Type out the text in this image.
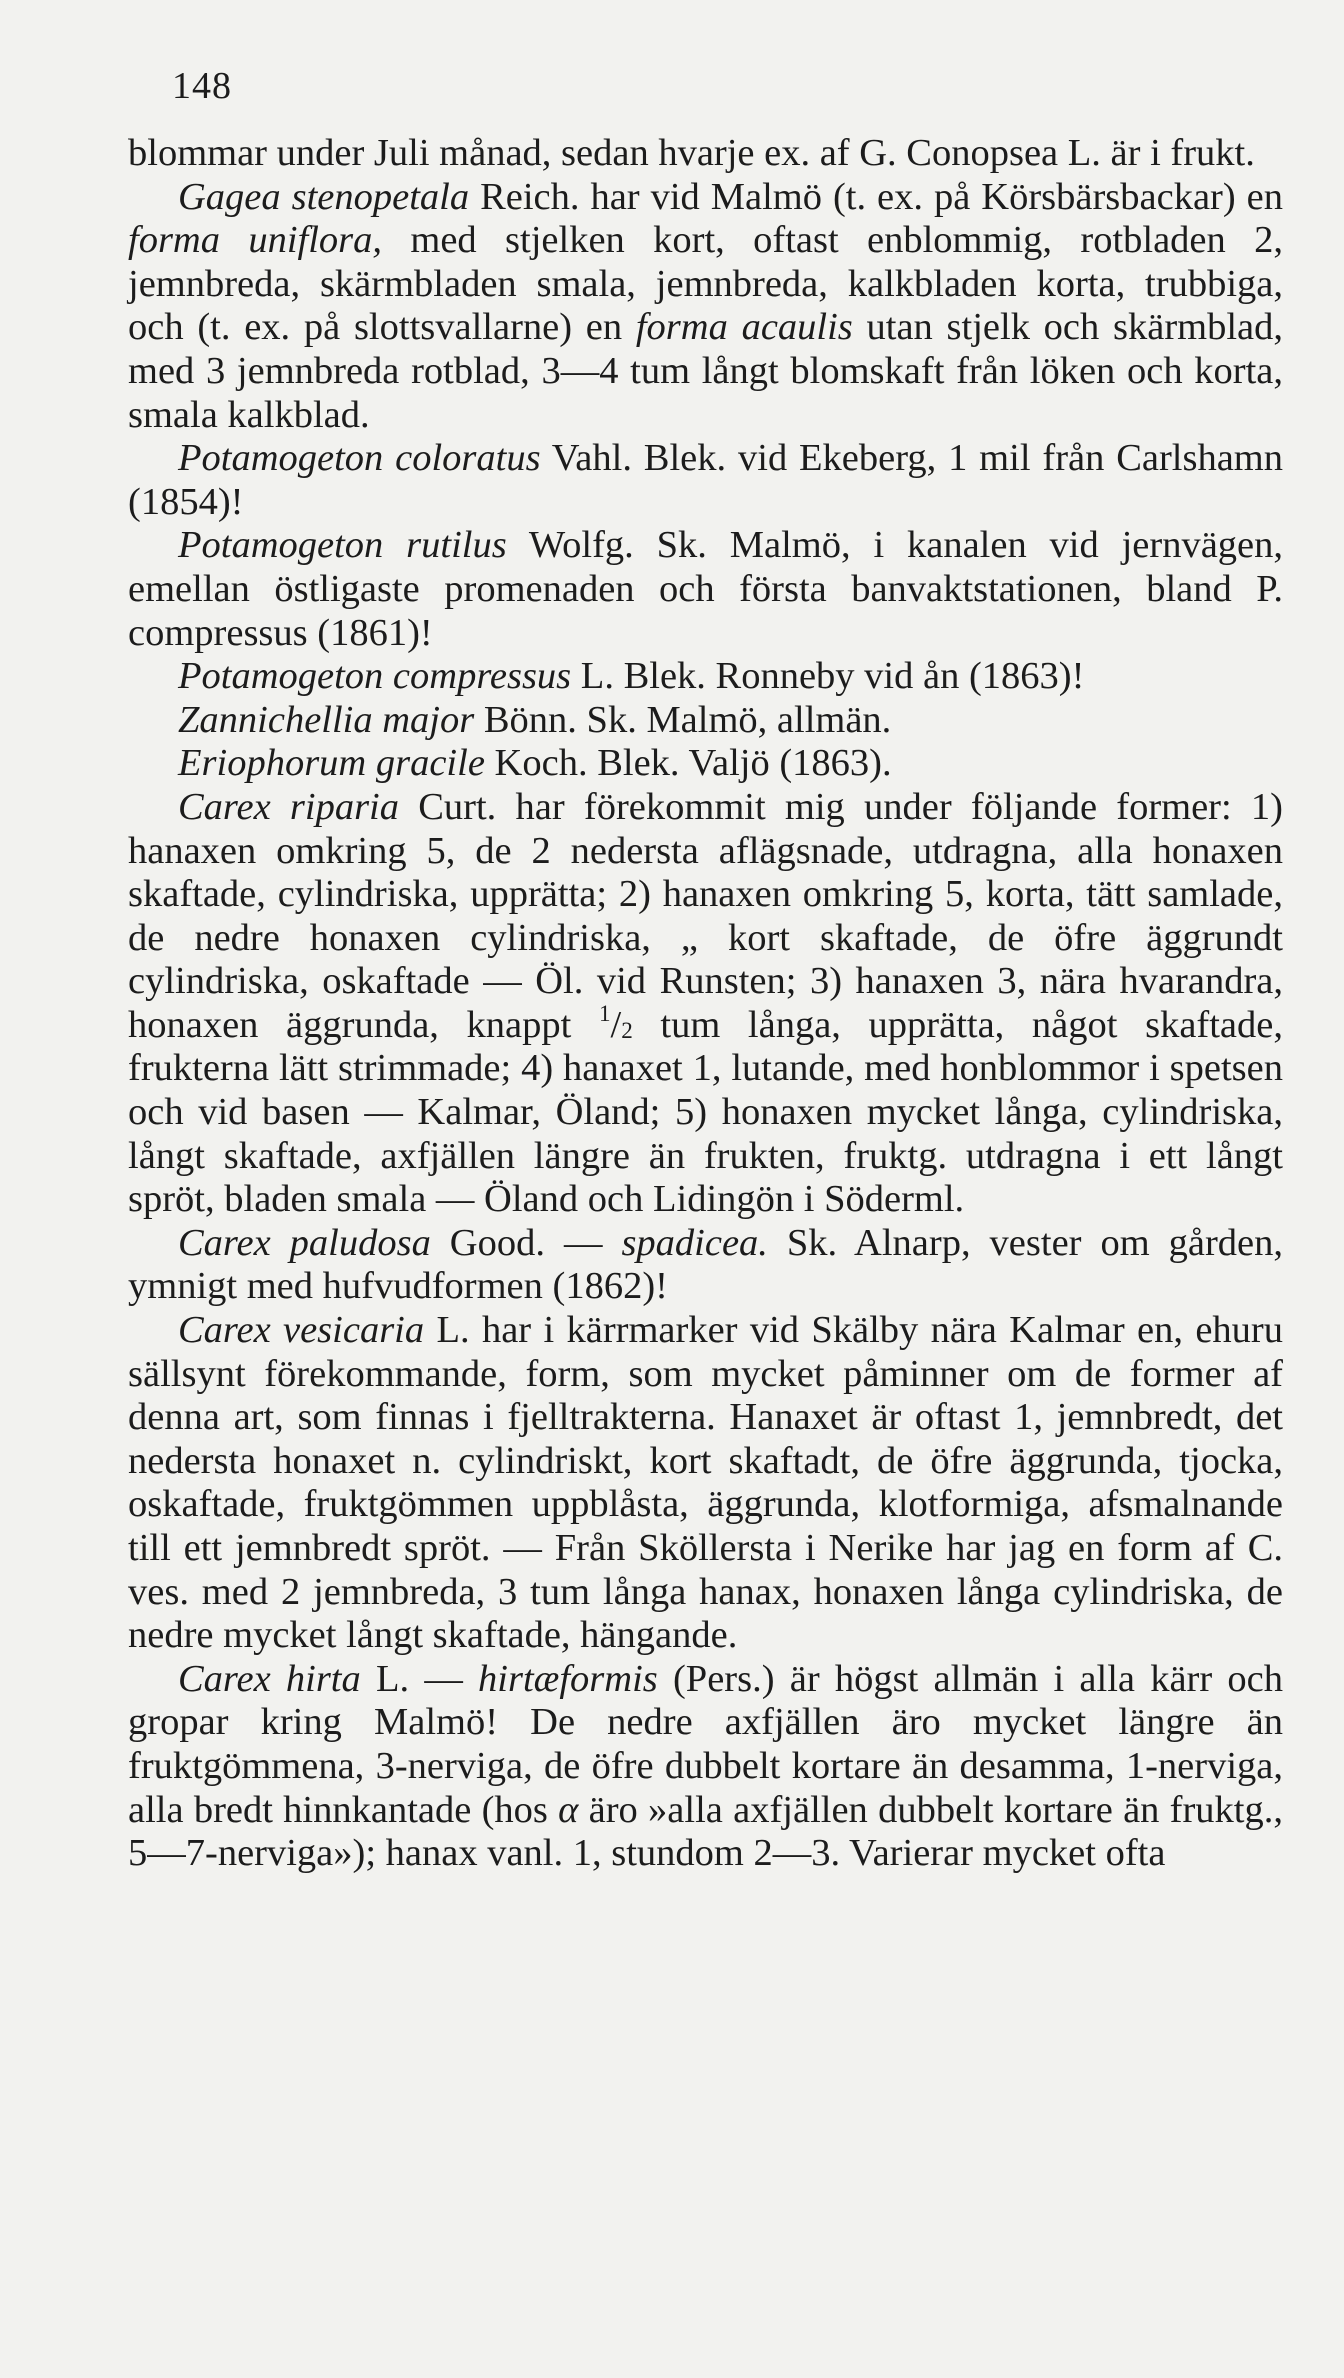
148

blommar under Juli månad, sedan hvarje ex. af G. Conopsea L. är i frukt.

Gagea stenopetala Reich. har vid Malmö (t. ex. på Körsbärsbackar) en forma uniflora, med stjelken kort, oftast enblommig, rotbladen 2, jemnbreda, skärmbladen smala, jemnbreda, kalkbladen korta, trubbiga, och (t. ex. på slottsvallarne) en forma acaulis utan stjelk och skärmblad, med 3 jemnbreda rotblad, 3—4 tum långt blomskaft från löken och korta, smala kalkblad.

Potamogeton coloratus Vahl. Blek. vid Ekeberg, 1 mil från Carlshamn (1854)!

Potamogeton rutilus Wolfg. Sk. Malmö, i kanalen vid jernvägen, emellan östligaste promenaden och första banvaktstationen, bland P. compressus (1861)!

Potamogeton compressus L. Blek. Ronneby vid ån (1863)!

Zannichellia major Bönn. Sk. Malmö, allmän.

Eriophorum gracile Koch. Blek. Valjö (1863).

Carex riparia Curt. har förekommit mig under följande former: 1) hanaxen omkring 5, de 2 nedersta aflägsnade, utdragna, alla honaxen skaftade, cylindriska, upprätta; 2) hanaxen omkring 5, korta, tätt samlade, de nedre honaxen cylindriska, „ kort skaftade, de öfre äggrundt cylindriska, oskaftade — Öl. vid Runsten; 3) hanaxen 3, nära hvarandra, honaxen äggrunda, knappt $^1/_2$ tum långa, upprätta, något skaftade, frukterna lätt strimmade; 4) hanaxet 1, lutande, med honblommor i spetsen och vid basen — Kalmar, Öland; 5) honaxen mycket långa, cylindriska, långt skaftade, axfjällen längre än frukten, fruktg. utdragna i ett långt spröt, bladen smala — Öland och Lidingön i Söderml.

Carex paludosa Good. — spadicea. Sk. Alnarp, vester om gården, ymnigt med hufvudformen (1862)!

Carex vesicaria L. har i kärrmarker vid Skälby nära Kalmar en, ehuru sällsynt förekommande, form, som mycket påminner om de former af denna art, som finnas i fjelltrakterna. Hanaxet är oftast 1, jemnbredt, det nedersta honaxet n. cylindriskt, kort skaftadt, de öfre äggrunda, tjocka, oskaftade, fruktgömmen uppblåsta, äggrunda, klotformiga, afsmalnande till ett jemnbredt spröt. — Från Sköllersta i Nerike har jag en form af C. ves. med 2 jemnbreda, 3 tum långa hanax, honaxen långa cylindriska, de nedre mycket långt skaftade, hängande.

Carex hirta L. — hirtæformis (Pers.) är högst allmän i alla kärr och gropar kring Malmö! De nedre axfjällen äro mycket längre än fruktgömmena, 3-nerviga, de öfre dubbelt kortare än desamma, 1-nerviga, alla bredt hinnkantade (hos α äro »alla axfjällen dubbelt kortare än fruktg., 5—7-nerviga»); hanax vanl. 1, stundom 2—3. Varierar mycket ofta
